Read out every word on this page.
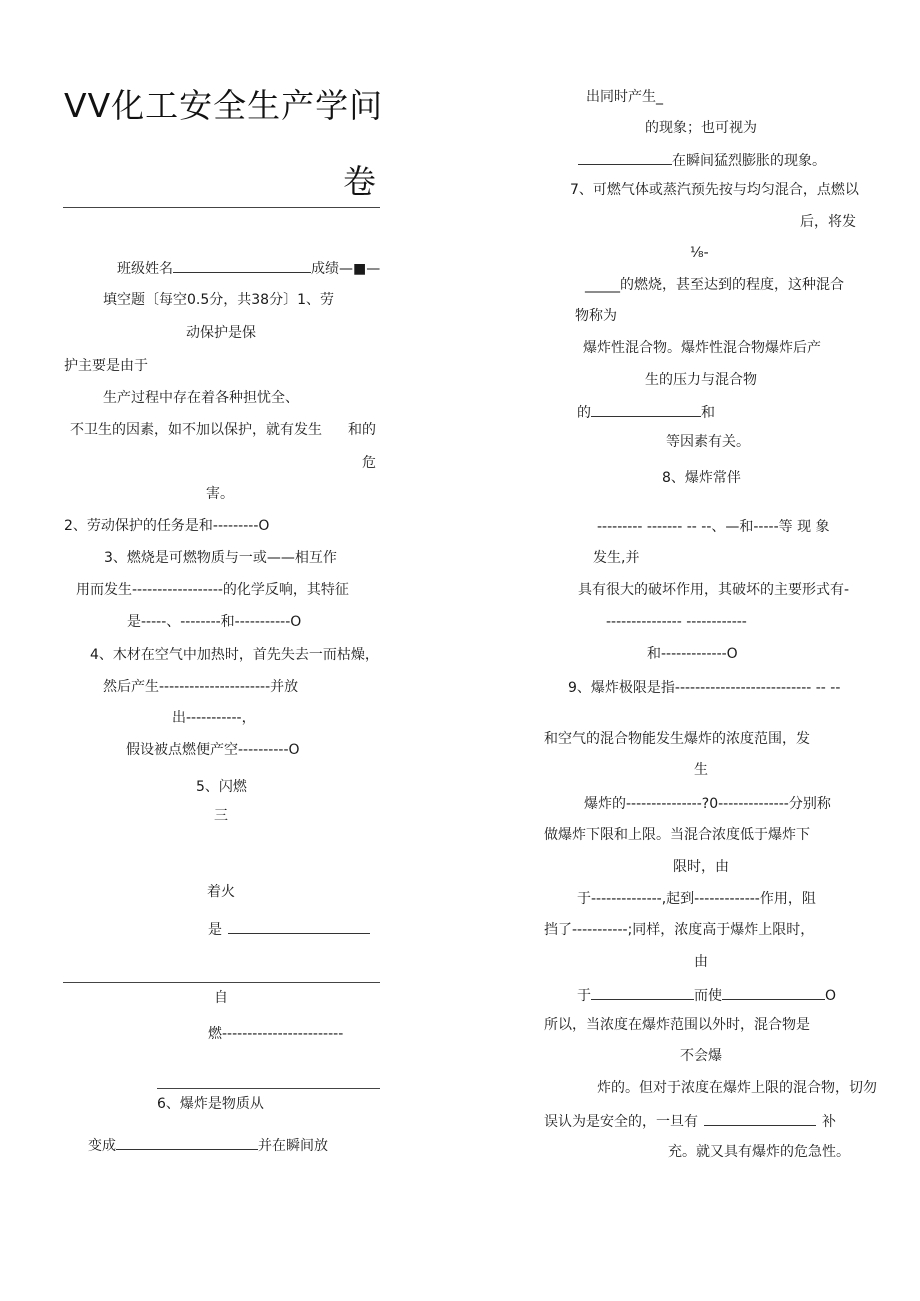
VV化工安全生产学问
卷
班级姓名	成绩—■—
填空题〔每空0.5分，共38分〕1、劳
动保护是保
护主要是由于
生产过程中存在着各种担忧全、
不卫生的因素，如不加以保护，就有发生 和的
危
害。
2、劳动保护的任务是和---------O
3、燃烧是可燃物质与一或——相互作
用而发生------------------的化学反响，其特征
是-----、--------和-----------O
4、木材在空气中加热时，首先失去一而枯燥，
然后产生----------------------并放
出-----------，
假设被点燃便产空----------O
5、闪燃
三
着火
是
自
燃------------------------
6、爆炸是物质从
变成	并在瞬间放
出同时产生_
的现象；也可视为
在瞬间猛烈膨胀的现象。
7、可燃气体或蒸汽预先按与均匀混合，点燃以
后，将发
⅛-
_____的燃烧，甚至达到的程度，这种混合
物称为
爆炸性混合物。爆炸性混合物爆炸后产
生的压力与混合物
的	和
等因素有关。
8、爆炸常伴
--------- ------- -- --、—和-----等 现 象
发生,并
具有很大的破坏作用，其破坏的主要形式有-
--------------- ------------
和-------------O
9、爆炸极限是指--------------------------- -- --
和空气的混合物能发生爆炸的浓度范围，发
生
爆炸的---------------?0--------------分别称
做爆炸下限和上限。当混合浓度低于爆炸下
限时，由
于--------------,起到-------------作用，阻
挡了-----------;同样，浓度高于爆炸上限时，
由
于	而使	O
所以，当浓度在爆炸范围以外时，混合物是
不会爆
炸的。但对于浓度在爆炸上限的混合物，切勿
误认为是安全的，一旦有	补
充。就又具有爆炸的危急性。
